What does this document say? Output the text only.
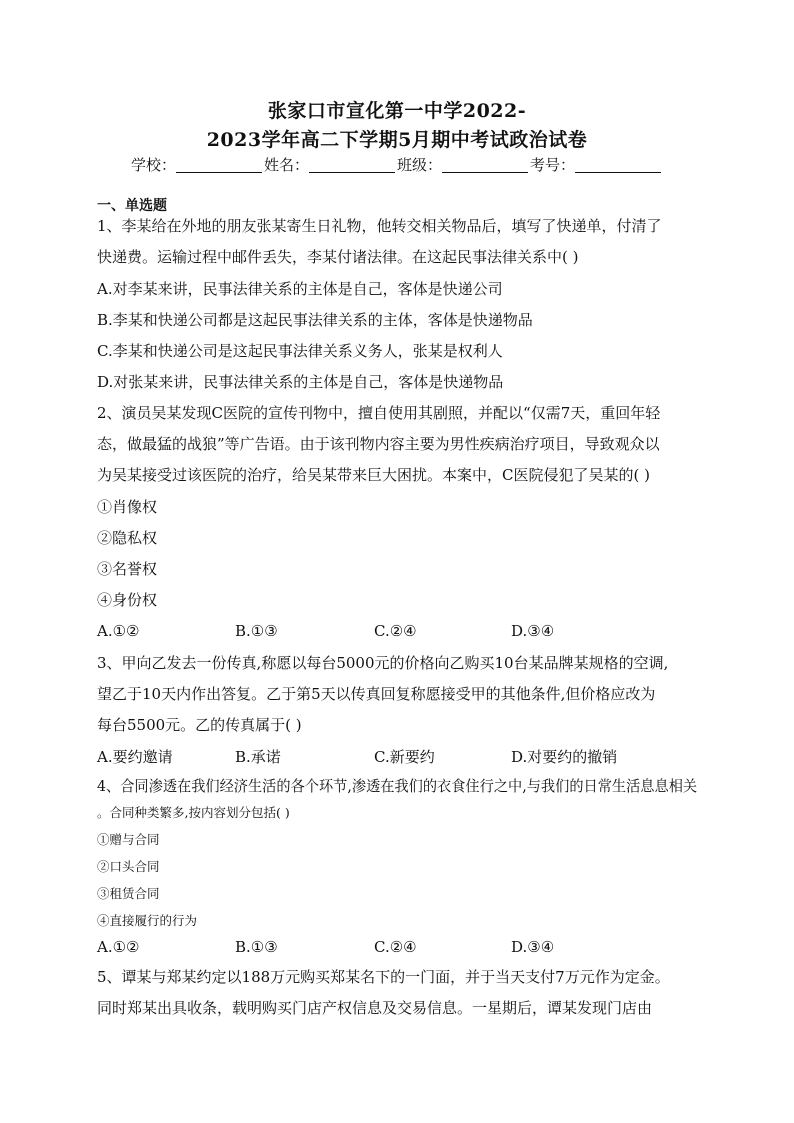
张家口市宣化第一中学2022-
2023学年高二下学期5月期中考试政治试卷
学校：	姓名：	班级：	考号：
一、单选题
1、李某给在外地的朋友张某寄生日礼物，他转交相关物品后，填写了快递单，付清了
快递费。运输过程中邮件丢失，李某付诸法律。在这起民事法律关系中( )
A.对李某来讲，民事法律关系的主体是自己，客体是快递公司
B.李某和快递公司都是这起民事法律关系的主体，客体是快递物品
C.李某和快递公司是这起民事法律关系义务人，张某是权利人
D.对张某来讲，民事法律关系的主体是自己，客体是快递物品
2、演员吴某发现C医院的宣传刊物中，擅自使用其剧照，并配以“仅需7天，重回年轻
态，做最猛的战狼”等广告语。由于该刊物内容主要为男性疾病治疗项目，导致观众以
为吴某接受过该医院的治疗，给吴某带来巨大困扰。本案中，C医院侵犯了吴某的( )
①肖像权
②隐私权
③名誉权
④身份权
A.①②	B.①③	C.②④	D.③④
3、甲向乙发去一份传真,称愿以每台5000元的价格向乙购买10台某品牌某规格的空调,
望乙于10天内作出答复。乙于第5天以传真回复称愿接受甲的其他条件,但价格应改为
每台5500元。乙的传真属于( )
A.要约邀请	B.承诺	C.新要约	D.对要约的撤销
4、合同渗透在我们经济生活的各个环节,渗透在我们的衣食住行之中,与我们的日常生活息息相关
。合同种类繁多,按内容划分包括( )
①赠与合同
②口头合同
③租赁合同
④直接履行的行为
A.①②	B.①③	C.②④	D.③④
5、谭某与郑某约定以188万元购买郑某名下的一门面，并于当天支付7万元作为定金。
同时郑某出具收条，载明购买门店产权信息及交易信息。一星期后，谭某发现门店由
